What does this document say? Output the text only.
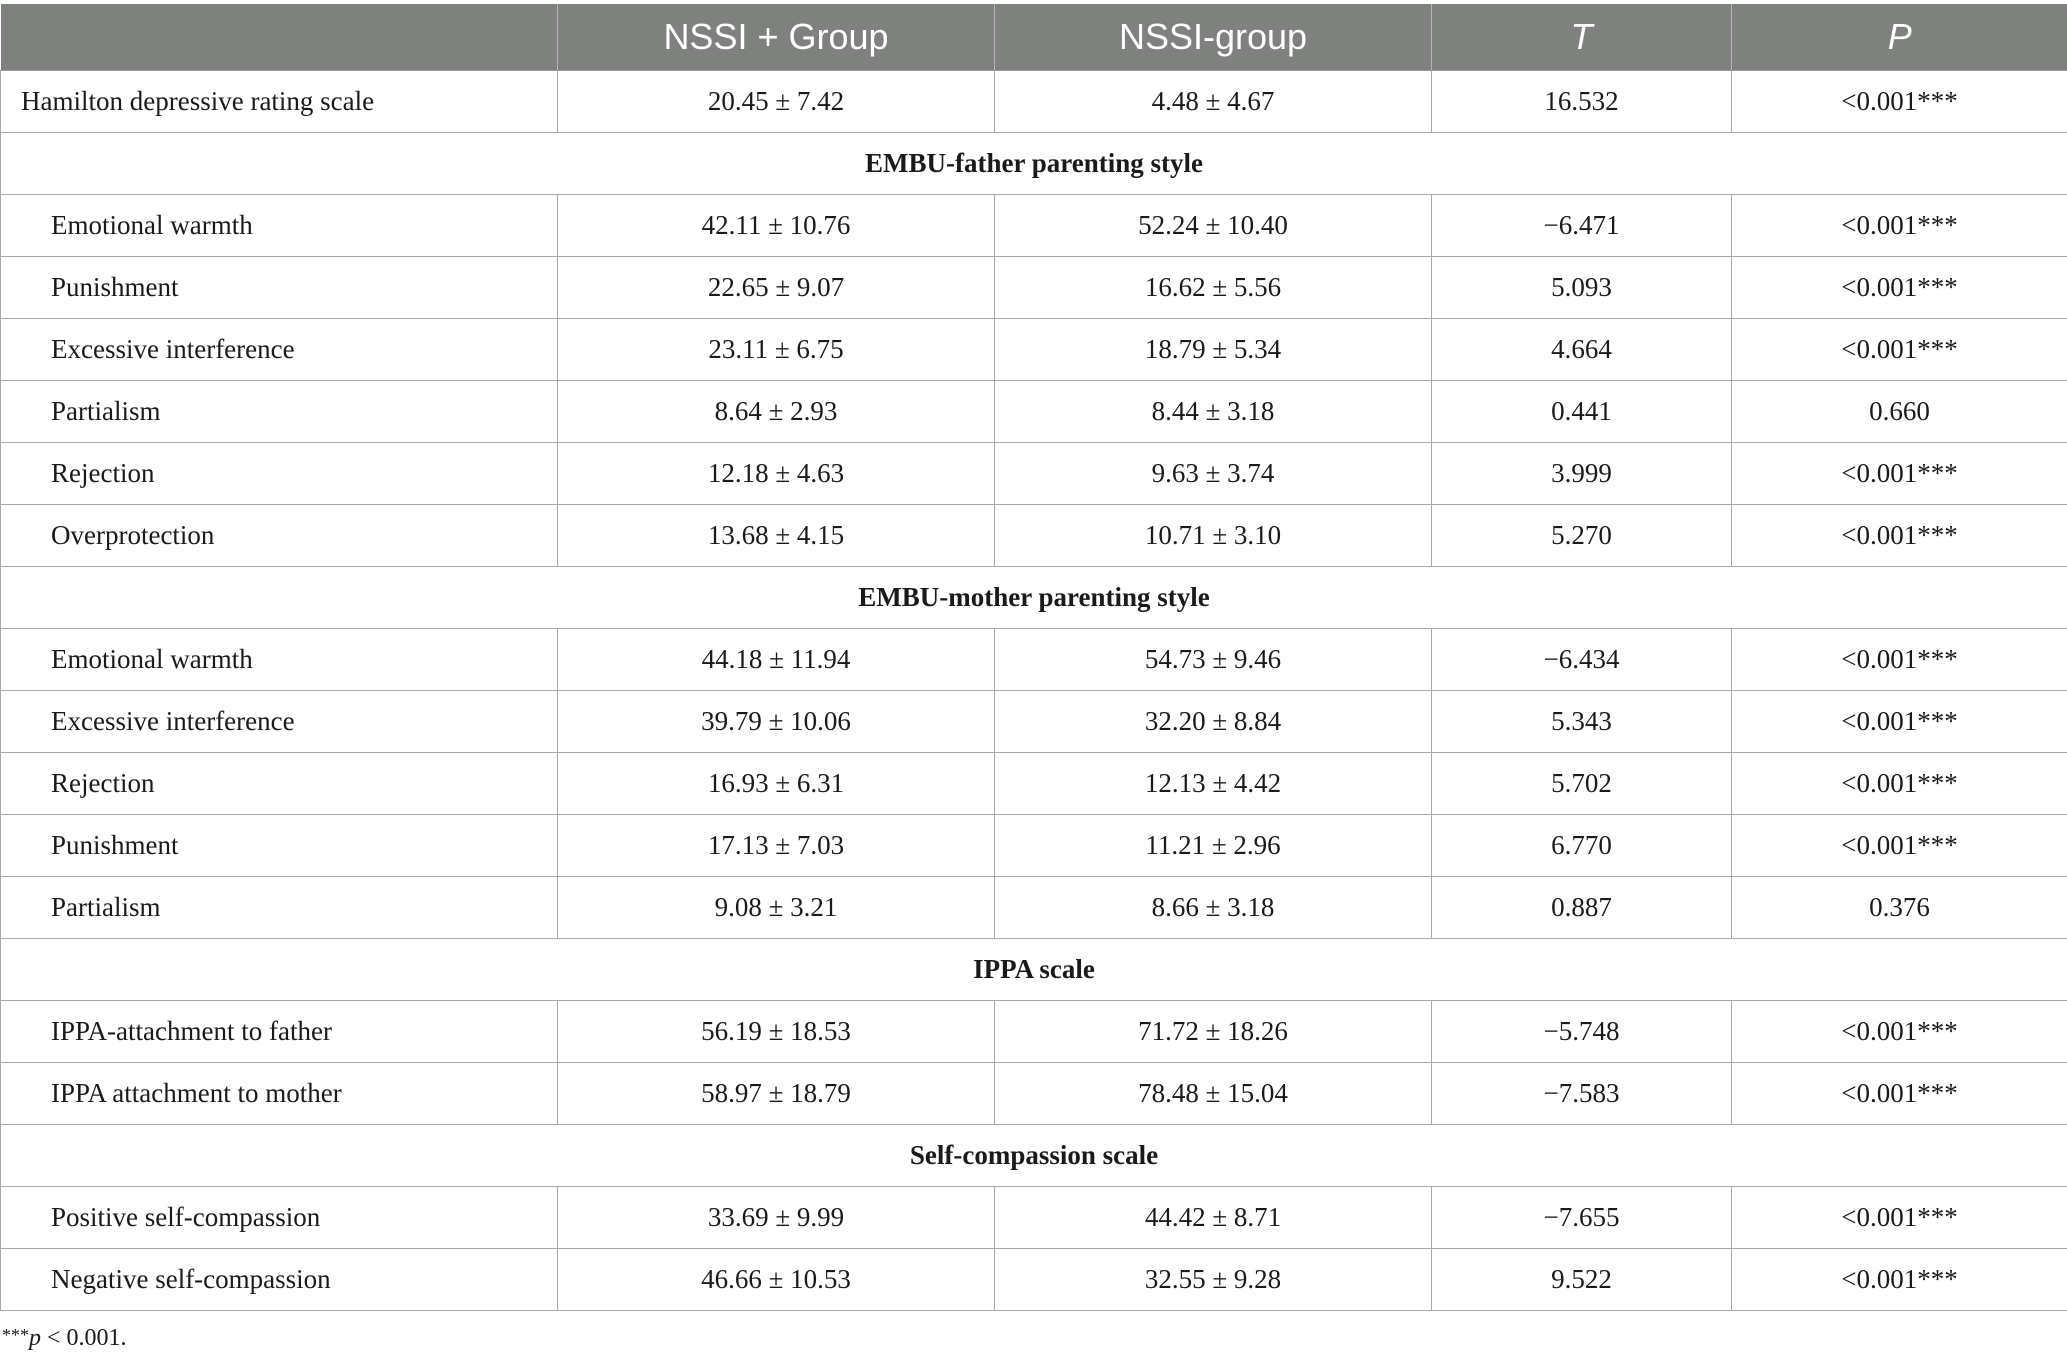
	NSSI + Group	NSSI-group	T	P
Hamilton depressive rating scale	20.45 ± 7.42	4.48 ± 4.67	16.532	<0.001***
EMBU-father parenting style				
Emotional warmth	42.11 ± 10.76	52.24 ± 10.40	−6.471	<0.001***
Punishment	22.65 ± 9.07	16.62 ± 5.56	5.093	<0.001***
Excessive interference	23.11 ± 6.75	18.79 ± 5.34	4.664	<0.001***
Partialism	8.64 ± 2.93	8.44 ± 3.18	0.441	0.660
Rejection	12.18 ± 4.63	9.63 ± 3.74	3.999	<0.001***
Overprotection	13.68 ± 4.15	10.71 ± 3.10	5.270	<0.001***
EMBU-mother parenting style				
Emotional warmth	44.18 ± 11.94	54.73 ± 9.46	−6.434	<0.001***
Excessive interference	39.79 ± 10.06	32.20 ± 8.84	5.343	<0.001***
Rejection	16.93 ± 6.31	12.13 ± 4.42	5.702	<0.001***
Punishment	17.13 ± 7.03	11.21 ± 2.96	6.770	<0.001***
Partialism	9.08 ± 3.21	8.66 ± 3.18	0.887	0.376
IPPA scale				
IPPA-attachment to father	56.19 ± 18.53	71.72 ± 18.26	−5.748	<0.001***
IPPA attachment to mother	58.97 ± 18.79	78.48 ± 15.04	−7.583	<0.001***
Self-compassion scale				
Positive self-compassion	33.69 ± 9.99	44.42 ± 8.71	−7.655	<0.001***
Negative self-compassion	46.66 ± 10.53	32.55 ± 9.28	9.522	<0.001***
***p < 0.001.
